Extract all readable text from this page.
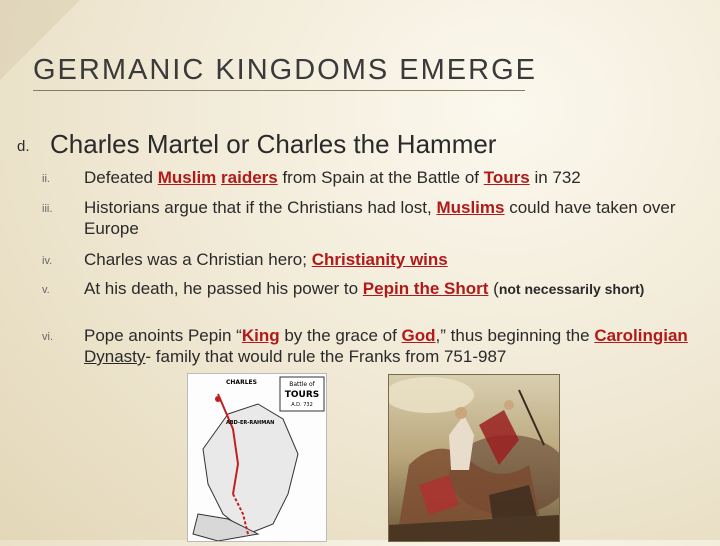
GERMANIC KINGDOMS EMERGE
d. Charles Martel or Charles the Hammer
ii. Defeated Muslim raiders from Spain at the Battle of Tours in 732
iii. Historians argue that if the Christians had lost, Muslims could have taken over Europe
iv. Charles was a Christian hero; Christianity wins
v. At his death, he passed his power to Pepin the Short (not necessarily short)
vi. Pope anoints Pepin “King by the grace of God,” thus beginning the Carolingian Dynasty- family that would rule the Franks from 751-987
Battle of
TOURS
A.D. 732
CHARLES
ABD-ER-RAHMAN
